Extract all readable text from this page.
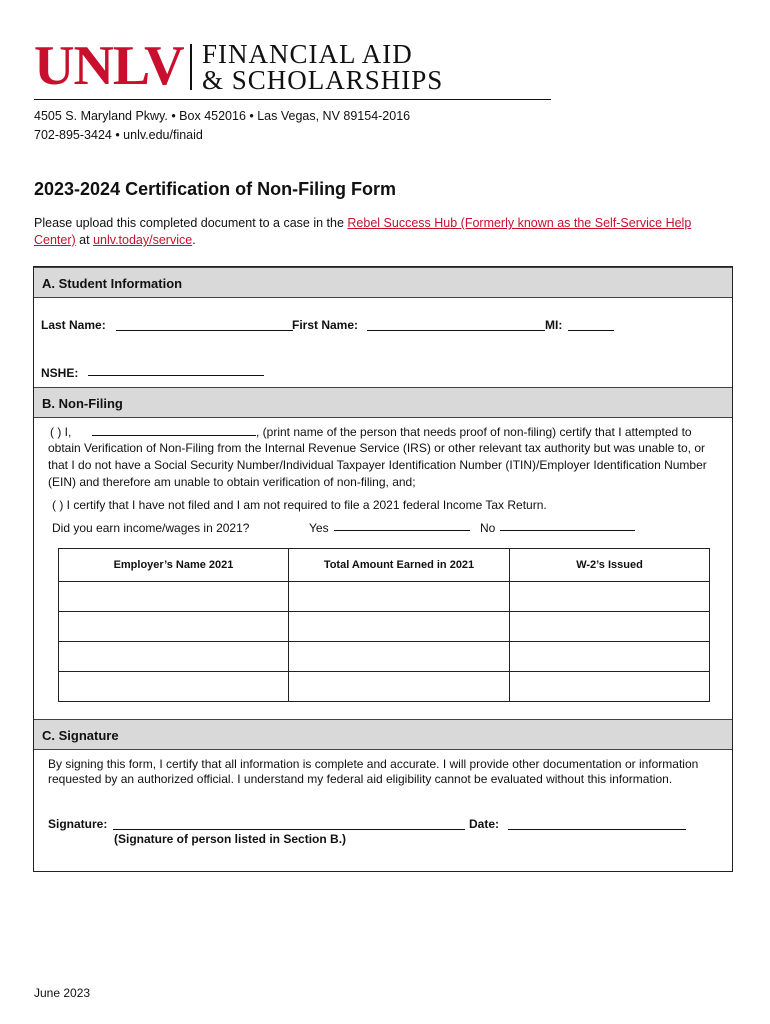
UNLV FINANCIAL AID
& SCHOLARSHIPS
4505 S. Maryland Pkwy. • Box 452016 • Las Vegas, NV 89154-2016
702-895-3424 • unlv.edu/finaid
2023-2024 Certification of Non-Filing Form
Please upload this completed document to a case in the Rebel Success Hub (Formerly known as the Self-Service Help Center) at unlv.today/service.
A. Student Information
Last Name:	First Name:	MI:
NSHE:
B. Non-Filing
( ) I,	, (print name of the person that needs proof of non-filing) certify that I attempted to
obtain Verification of Non-Filing from the Internal Revenue Service (IRS) or other relevant tax authority but was unable to, or that I do not have a Social Security Number/Individual Taxpayer Identification Number (ITIN)/Employer Identification Number (EIN) and therefore am unable to obtain verification of non-filing, and;
( ) I certify that I have not filed and I am not required to file a 2021 federal Income Tax Return.
Did you earn income/wages in 2021?	Yes	No
Employer’s Name 2021	Total Amount Earned in 2021	W-2’s Issued

C. Signature
By signing this form, I certify that all information is complete and accurate. I will provide other documentation or information requested by an authorized official. I understand my federal aid eligibility cannot be evaluated without this information.
Signature:	Date:
(Signature of person listed in Section B.)
June 2023
